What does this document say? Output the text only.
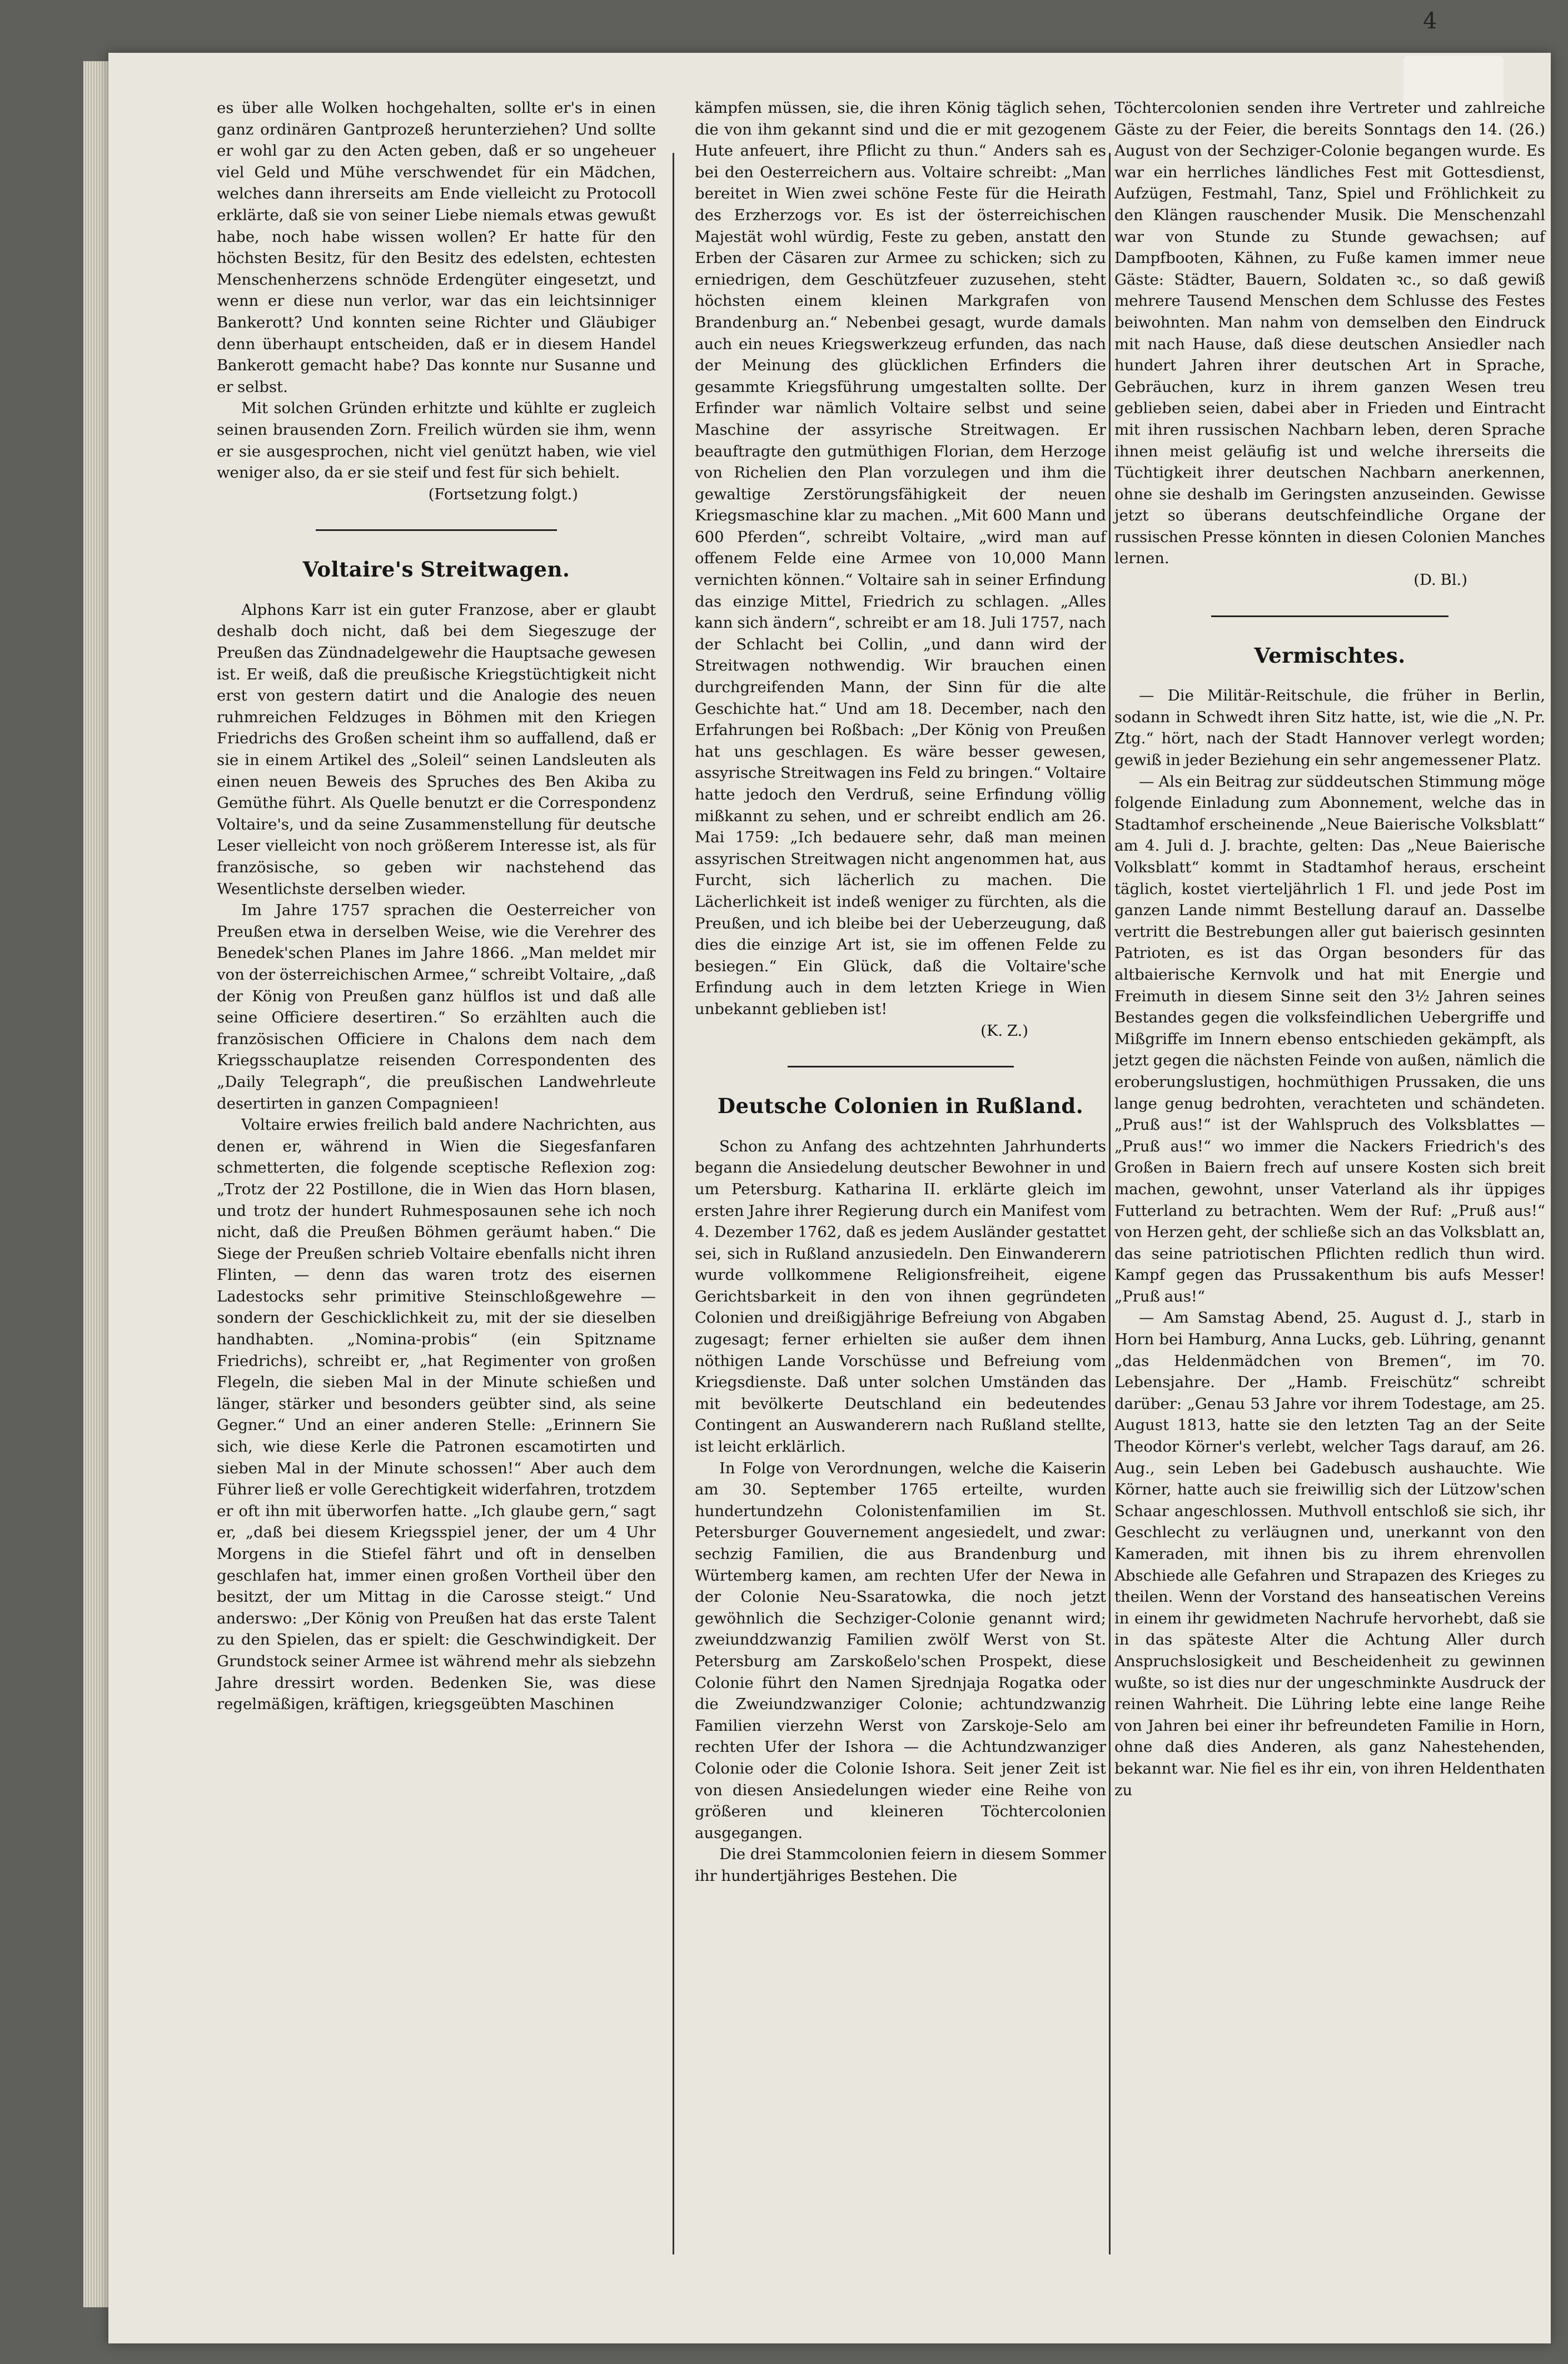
4

es über alle Wolken hochgehalten, sollte er's in einen ganz ordinären Gantprozeß herunterziehen? Und sollte er wohl gar zu den Acten geben, daß er so ungeheuer viel Geld und Mühe verschwendet für ein Mädchen, welches dann ihrerseits am Ende vielleicht zu Protocoll erklärte, daß sie von seiner Liebe niemals etwas gewußt habe, noch habe wissen wollen? Er hatte für den höchsten Besitz, für den Besitz des edelsten, echtesten Menschenherzens schnöde Erdengüter eingesetzt, und wenn er diese nun verlor, war das ein leichtsinniger Bankerott? Und konnten seine Richter und Gläubiger denn überhaupt entscheiden, daß er in diesem Handel Bankerott gemacht habe? Das konnte nur Susanne und er selbst.

Mit solchen Gründen erhitzte und kühlte er zugleich seinen brausenden Zorn. Freilich würden sie ihm, wenn er sie ausgesprochen, nicht viel genützt haben, wie viel weniger also, da er sie steif und fest für sich behielt.

(Fortsetzung folgt.)

Voltaire's Streitwagen.

Alphons Karr ist ein guter Franzose, aber er glaubt deshalb doch nicht, daß bei dem Siegeszuge der Preußen das Zündnadelgewehr die Hauptsache gewesen ist. Er weiß, daß die preußische Kriegstüchtigkeit nicht erst von gestern datirt und die Analogie des neuen ruhmreichen Feldzuges in Böhmen mit den Kriegen Friedrichs des Großen scheint ihm so auffallend, daß er sie in einem Artikel des „Soleil“ seinen Landsleuten als einen neuen Beweis des Spruches des Ben Akiba zu Gemüthe führt. Als Quelle benutzt er die Correspondenz Voltaire's, und da seine Zusammenstellung für deutsche Leser vielleicht von noch größerem Interesse ist, als für französische, so geben wir nachstehend das Wesentlichste derselben wieder.

Im Jahre 1757 sprachen die Oesterreicher von Preußen etwa in derselben Weise, wie die Verehrer des Benedek'schen Planes im Jahre 1866. „Man meldet mir von der österreichischen Armee,“ schreibt Voltaire, „daß der König von Preußen ganz hülflos ist und daß alle seine Officiere desertiren.“ So erzählten auch die französischen Officiere in Chalons dem nach dem Kriegsschauplatze reisenden Correspondenten des „Daily Telegraph“, die preußischen Landwehrleute desertirten in ganzen Compagnieen!

Voltaire erwies freilich bald andere Nachrichten, aus denen er, während in Wien die Siegesfanfaren schmetterten, die folgende sceptische Reflexion zog: „Trotz der 22 Postillone, die in Wien das Horn blasen, und trotz der hundert Ruhmesposaunen sehe ich noch nicht, daß die Preußen Böhmen geräumt haben.“ Die Siege der Preußen schrieb Voltaire ebenfalls nicht ihren Flinten, — denn das waren trotz des eisernen Ladestocks sehr primitive Steinschloßgewehre — sondern der Geschicklichkeit zu, mit der sie dieselben handhabten. „Nomina-probis“ (ein Spitzname Friedrichs), schreibt er, „hat Regimenter von großen Flegeln, die sieben Mal in der Minute schießen und länger, stärker und besonders geübter sind, als seine Gegner.“ Und an einer anderen Stelle: „Erinnern Sie sich, wie diese Kerle die Patronen escamotirten und sieben Mal in der Minute schossen!“ Aber auch dem Führer ließ er volle Gerechtigkeit widerfahren, trotzdem er oft ihn mit überworfen hatte. „Ich glaube gern,“ sagt er, „daß bei diesem Kriegsspiel jener, der um 4 Uhr Morgens in die Stiefel fährt und oft in denselben geschlafen hat, immer einen großen Vortheil über den besitzt, der um Mittag in die Carosse steigt.“ Und anderswo: „Der König von Preußen hat das erste Talent zu den Spielen, das er spielt: die Geschwindigkeit. Der Grundstock seiner Armee ist während mehr als siebzehn Jahre dressirt worden. Bedenken Sie, was diese regelmäßigen, kräftigen, kriegsgeübten Maschinen

kämpfen müssen, sie, die ihren König täglich sehen, die von ihm gekannt sind und die er mit gezogenem Hute anfeuert, ihre Pflicht zu thun.“ Anders sah es bei den Oesterreichern aus. Voltaire schreibt: „Man bereitet in Wien zwei schöne Feste für die Heirath des Erzherzogs vor. Es ist der österreichischen Majestät wohl würdig, Feste zu geben, anstatt den Erben der Cäsaren zur Armee zu schicken; sich zu erniedrigen, dem Geschützfeuer zuzusehen, steht höchsten einem kleinen Markgrafen von Brandenburg an.“ Nebenbei gesagt, wurde damals auch ein neues Kriegswerkzeug erfunden, das nach der Meinung des glücklichen Erfinders die gesammte Kriegsführung umgestalten sollte. Der Erfinder war nämlich Voltaire selbst und seine Maschine der assyrische Streitwagen. Er beauftragte den gutmüthigen Florian, dem Herzoge von Richelien den Plan vorzulegen und ihm die gewaltige Zerstörungsfähigkeit der neuen Kriegsmaschine klar zu machen. „Mit 600 Mann und 600 Pferden“, schreibt Voltaire, „wird man auf offenem Felde eine Armee von 10,000 Mann vernichten können.“ Voltaire sah in seiner Erfindung das einzige Mittel, Friedrich zu schlagen. „Alles kann sich ändern“, schreibt er am 18. Juli 1757, nach der Schlacht bei Collin, „und dann wird der Streitwagen nothwendig. Wir brauchen einen durchgreifenden Mann, der Sinn für die alte Geschichte hat.“ Und am 18. December, nach den Erfahrungen bei Roßbach: „Der König von Preußen hat uns geschlagen. Es wäre besser gewesen, assyrische Streitwagen ins Feld zu bringen.“ Voltaire hatte jedoch den Verdruß, seine Erfindung völlig mißkannt zu sehen, und er schreibt endlich am 26. Mai 1759: „Ich bedauere sehr, daß man meinen assyrischen Streitwagen nicht angenommen hat, aus Furcht, sich lächerlich zu machen. Die Lächerlichkeit ist indeß weniger zu fürchten, als die Preußen, und ich bleibe bei der Ueberzeugung, daß dies die einzige Art ist, sie im offenen Felde zu besiegen.“ Ein Glück, daß die Voltaire'sche Erfindung auch in dem letzten Kriege in Wien unbekannt geblieben ist!

(K. Z.)

Deutsche Colonien in Rußland.

Schon zu Anfang des achtzehnten Jahrhunderts begann die Ansiedelung deutscher Bewohner in und um Petersburg. Katharina II. erklärte gleich im ersten Jahre ihrer Regierung durch ein Manifest vom 4. Dezember 1762, daß es jedem Ausländer gestattet sei, sich in Rußland anzusiedeln. Den Einwanderern wurde vollkommene Religionsfreiheit, eigene Gerichtsbarkeit in den von ihnen gegründeten Colonien und dreißigjährige Befreiung von Abgaben zugesagt; ferner erhielten sie außer dem ihnen nöthigen Lande Vorschüsse und Befreiung vom Kriegsdienste. Daß unter solchen Umständen das mit bevölkerte Deutschland ein bedeutendes Contingent an Auswanderern nach Rußland stellte, ist leicht erklärlich.

In Folge von Verordnungen, welche die Kaiserin am 30. September 1765 erteilte, wurden hundertundzehn Colonistenfamilien im St. Petersburger Gouvernement angesiedelt, und zwar: sechzig Familien, die aus Brandenburg und Würtemberg kamen, am rechten Ufer der Newa in der Colonie Neu-Ssaratowka, die noch jetzt gewöhnlich die Sechziger-Colonie genannt wird; zweiunddzwanzig Familien zwölf Werst von St. Petersburg am Zarskoßelo'schen Prospekt, diese Colonie führt den Namen Sjrednjaja Rogatka oder die Zweiundzwanziger Colonie; achtundzwanzig Familien vierzehn Werst von Zarskoje-Selo am rechten Ufer der Ishora — die Achtundzwanziger Colonie oder die Colonie Ishora. Seit jener Zeit ist von diesen Ansiedelungen wieder eine Reihe von größeren und kleineren Töchtercolonien ausgegangen.

Die drei Stammcolonien feiern in diesem Sommer ihr hundertjähriges Bestehen. Die

Töchtercolonien senden ihre Vertreter und zahlreiche Gäste zu der Feier, die bereits Sonntags den 14. (26.) August von der Sechziger-Colonie begangen wurde. Es war ein herrliches ländliches Fest mit Gottesdienst, Aufzügen, Festmahl, Tanz, Spiel und Fröhlichkeit zu den Klängen rauschender Musik. Die Menschenzahl war von Stunde zu Stunde gewachsen; auf Dampfbooten, Kähnen, zu Fuße kamen immer neue Gäste: Städter, Bauern, Soldaten ꝛc., so daß gewiß mehrere Tausend Menschen dem Schlusse des Festes beiwohnten. Man nahm von demselben den Eindruck mit nach Hause, daß diese deutschen Ansiedler nach hundert Jahren ihrer deutschen Art in Sprache, Gebräuchen, kurz in ihrem ganzen Wesen treu geblieben seien, dabei aber in Frieden und Eintracht mit ihren russischen Nachbarn leben, deren Sprache ihnen meist geläufig ist und welche ihrerseits die Tüchtigkeit ihrer deutschen Nachbarn anerkennen, ohne sie deshalb im Geringsten anzuseinden. Gewisse jetzt so überans deutschfeindliche Organe der russischen Presse könnten in diesen Colonien Manches lernen.

(D. Bl.)

Vermischtes.

— Die Militär-Reitschule, die früher in Berlin, sodann in Schwedt ihren Sitz hatte, ist, wie die „N. Pr. Ztg.“ hört, nach der Stadt Hannover verlegt worden; gewiß in jeder Beziehung ein sehr angemessener Platz.

— Als ein Beitrag zur süddeutschen Stimmung möge folgende Einladung zum Abonnement, welche das in Stadtamhof erscheinende „Neue Baierische Volksblatt“ am 4. Juli d. J. brachte, gelten: Das „Neue Baierische Volksblatt“ kommt in Stadtamhof heraus, erscheint täglich, kostet vierteljährlich 1 Fl. und jede Post im ganzen Lande nimmt Bestellung darauf an. Dasselbe vertritt die Bestrebungen aller gut baierisch gesinnten Patrioten, es ist das Organ besonders für das altbaierische Kernvolk und hat mit Energie und Freimuth in diesem Sinne seit den 3½ Jahren seines Bestandes gegen die volksfeindlichen Uebergriffe und Mißgriffe im Innern ebenso entschieden gekämpft, als jetzt gegen die nächsten Feinde von außen, nämlich die eroberungslustigen, hochmüthigen Prussaken, die uns lange genug bedrohten, verachteten und schändeten. „Pruß aus!“ ist der Wahlspruch des Volksblattes — „Pruß aus!“ wo immer die Nackers Friedrich's des Großen in Baiern frech auf unsere Kosten sich breit machen, gewohnt, unser Vaterland als ihr üppiges Futterland zu betrachten. Wem der Ruf: „Pruß aus!“ von Herzen geht, der schließe sich an das Volksblatt an, das seine patriotischen Pflichten redlich thun wird. Kampf gegen das Prussakenthum bis aufs Messer! „Pruß aus!“

— Am Samstag Abend, 25. August d. J., starb in Horn bei Hamburg, Anna Lucks, geb. Lühring, genannt „das Heldenmädchen von Bremen“, im 70. Lebensjahre. Der „Hamb. Freischütz“ schreibt darüber: „Genau 53 Jahre vor ihrem Todestage, am 25. August 1813, hatte sie den letzten Tag an der Seite Theodor Körner's verlebt, welcher Tags darauf, am 26. Aug., sein Leben bei Gadebusch aushauchte. Wie Körner, hatte auch sie freiwillig sich der Lützow'schen Schaar angeschlossen. Muthvoll entschloß sie sich, ihr Geschlecht zu verläugnen und, unerkannt von den Kameraden, mit ihnen bis zu ihrem ehrenvollen Abschiede alle Gefahren und Strapazen des Krieges zu theilen. Wenn der Vorstand des hanseatischen Vereins in einem ihr gewidmeten Nachrufe hervorhebt, daß sie in das späteste Alter die Achtung Aller durch Anspruchslosigkeit und Bescheidenheit zu gewinnen wußte, so ist dies nur der ungeschminkte Ausdruck der reinen Wahrheit. Die Lühring lebte eine lange Reihe von Jahren bei einer ihr befreundeten Familie in Horn, ohne daß dies Anderen, als ganz Nahestehenden, bekannt war. Nie fiel es ihr ein, von ihren Heldenthaten zu
